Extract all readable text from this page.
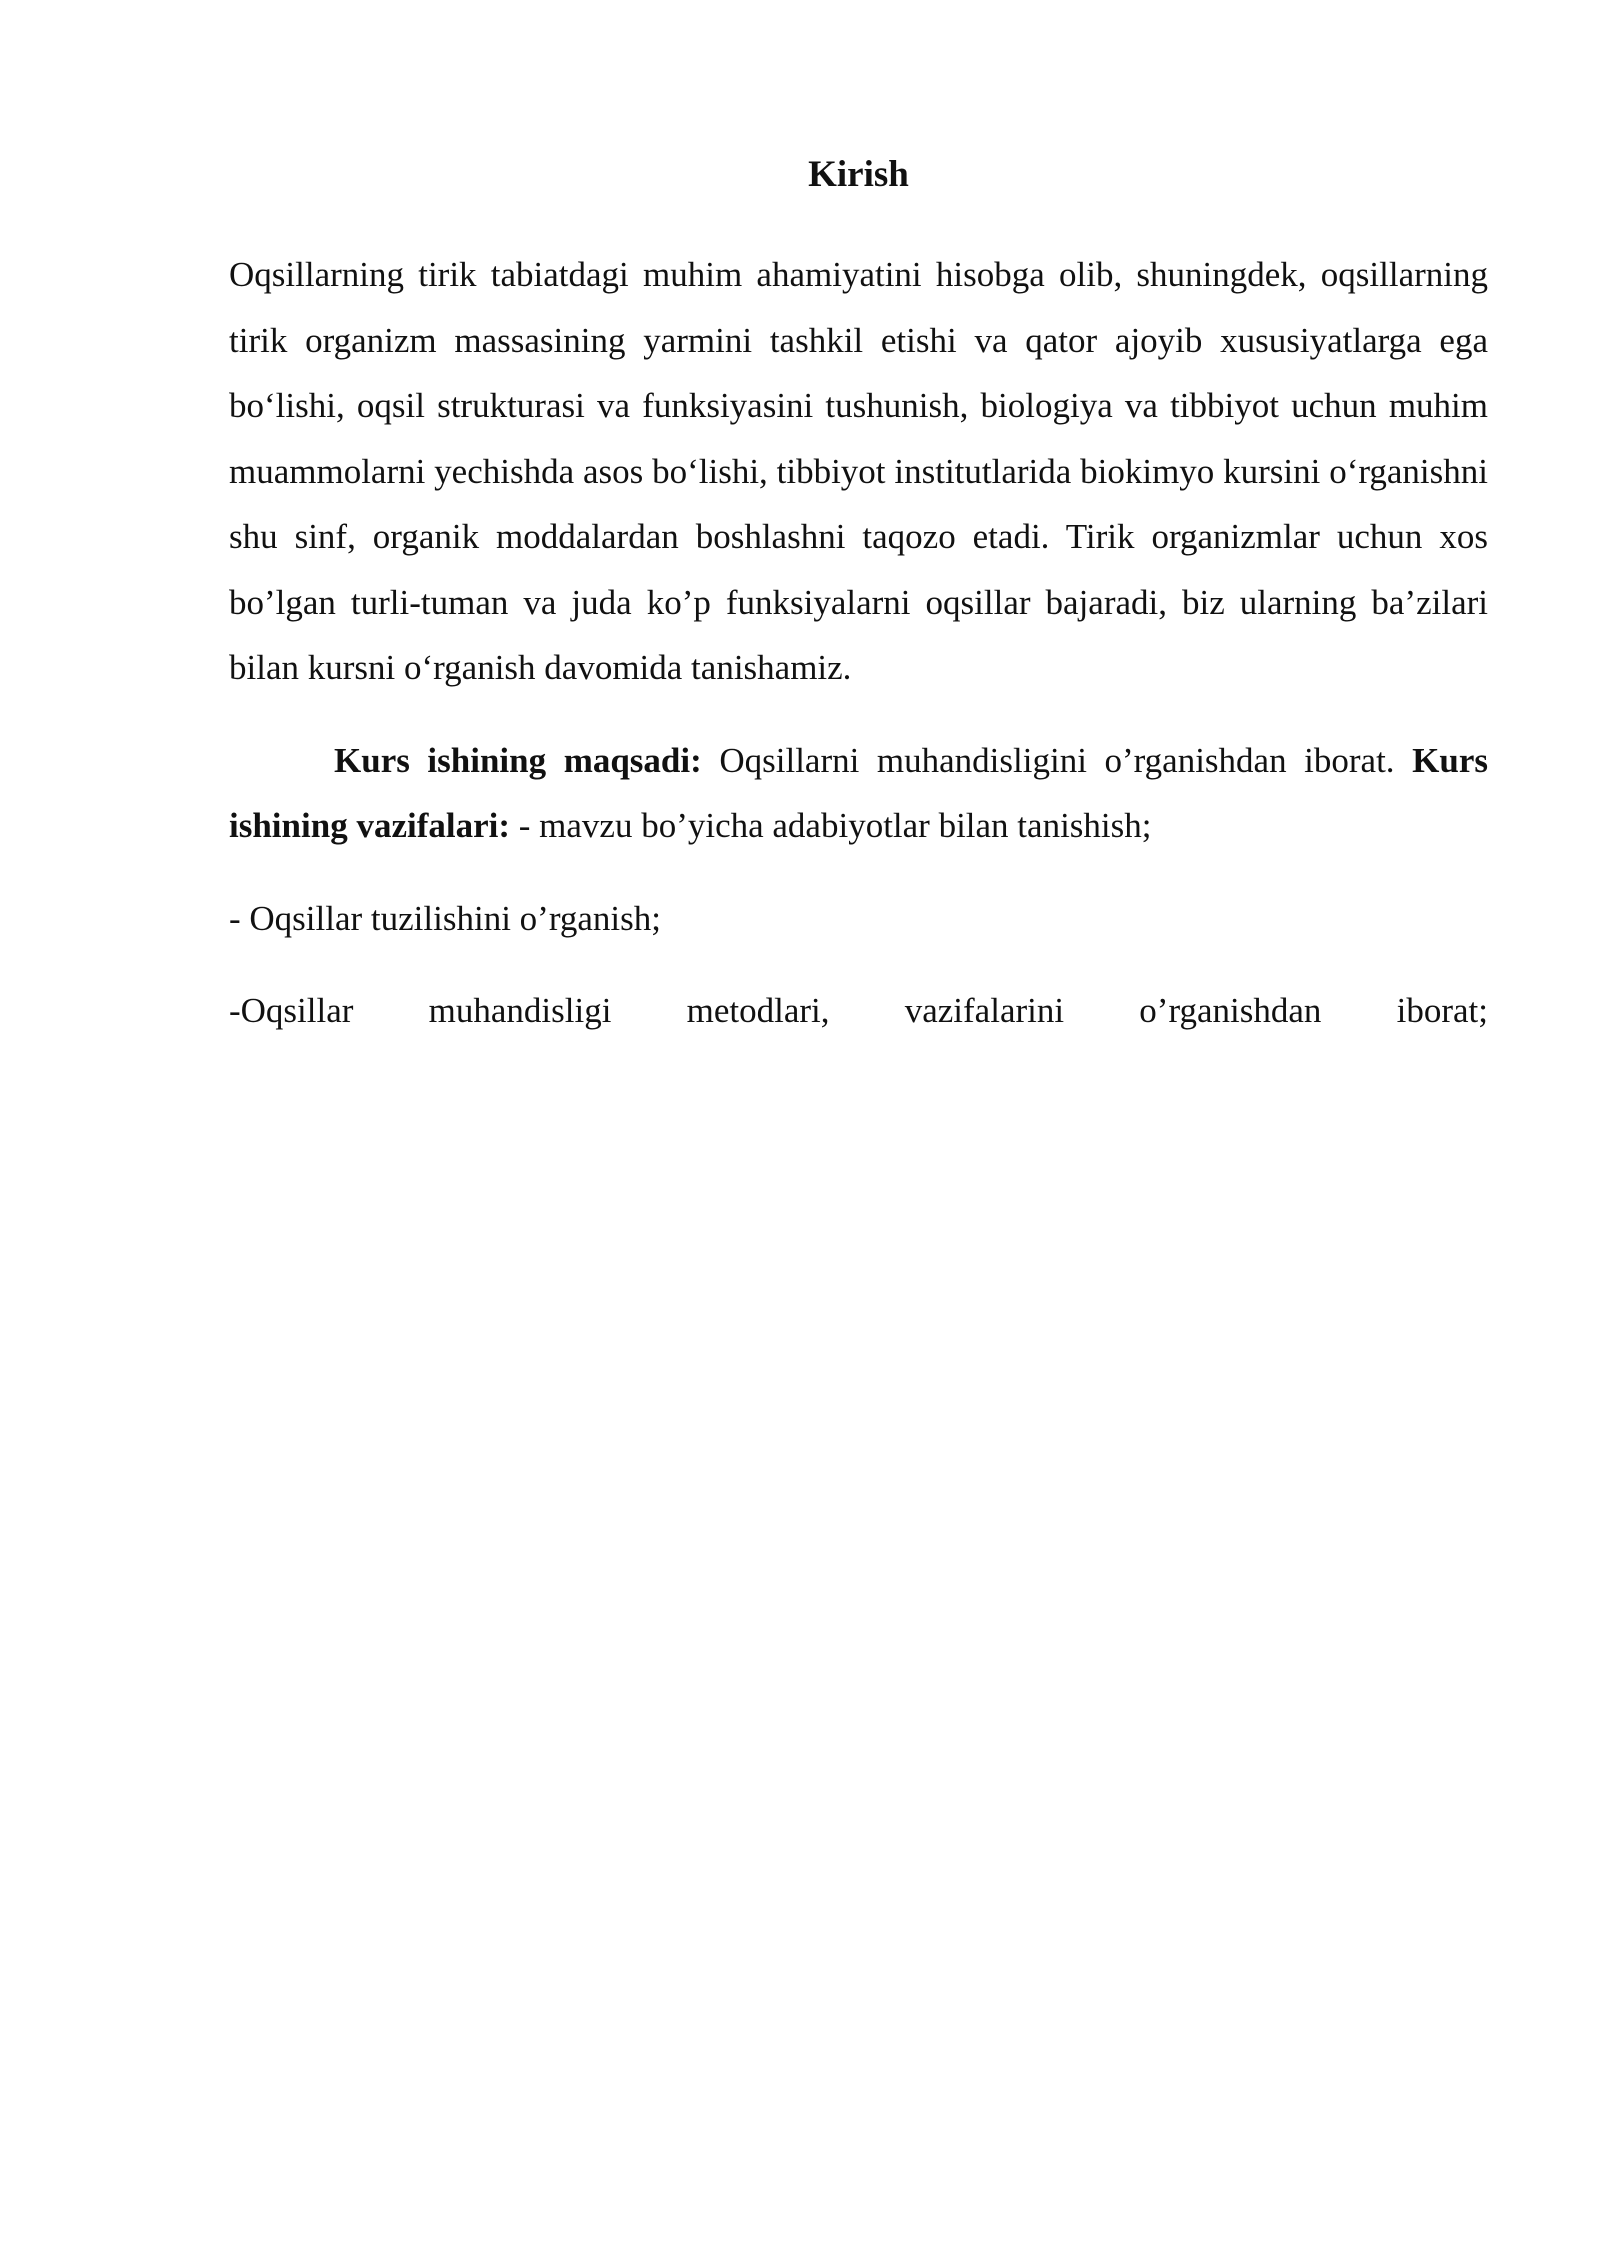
Kirish

Oqsillarning tirik tabiatdagi muhim ahamiyatini hisobga olib, shuningdek, oqsillarning tirik organizm massasining yarmini tashkil etishi va qator ajoyib xususiyatlarga ega bo‘lishi, oqsil strukturasi va funksiyasini tushunish, biologiya va tibbiyot uchun muhim muammolarni yechishda asos bo‘lishi, tibbiyot institutlarida biokimyo kursini o‘rganishni shu sinf, organik moddalardan boshlashni taqozo etadi. Tirik organizmlar uchun xos bo’lgan turli-tuman va juda ko’p funksiyalarni oqsillar bajaradi, biz ularning ba’zilari bilan kursni o‘rganish davomida tanishamiz.

Kurs ishining maqsadi: Oqsillarni muhandisligini o’rganishdan iborat. Kurs ishining vazifalari: - mavzu bo’yicha adabiyotlar bilan tanishish;

- Oqsillar tuzilishini o’rganish;

-Oqsillar muhandisligi metodlari, vazifalarini o’rganishdan iborat;
